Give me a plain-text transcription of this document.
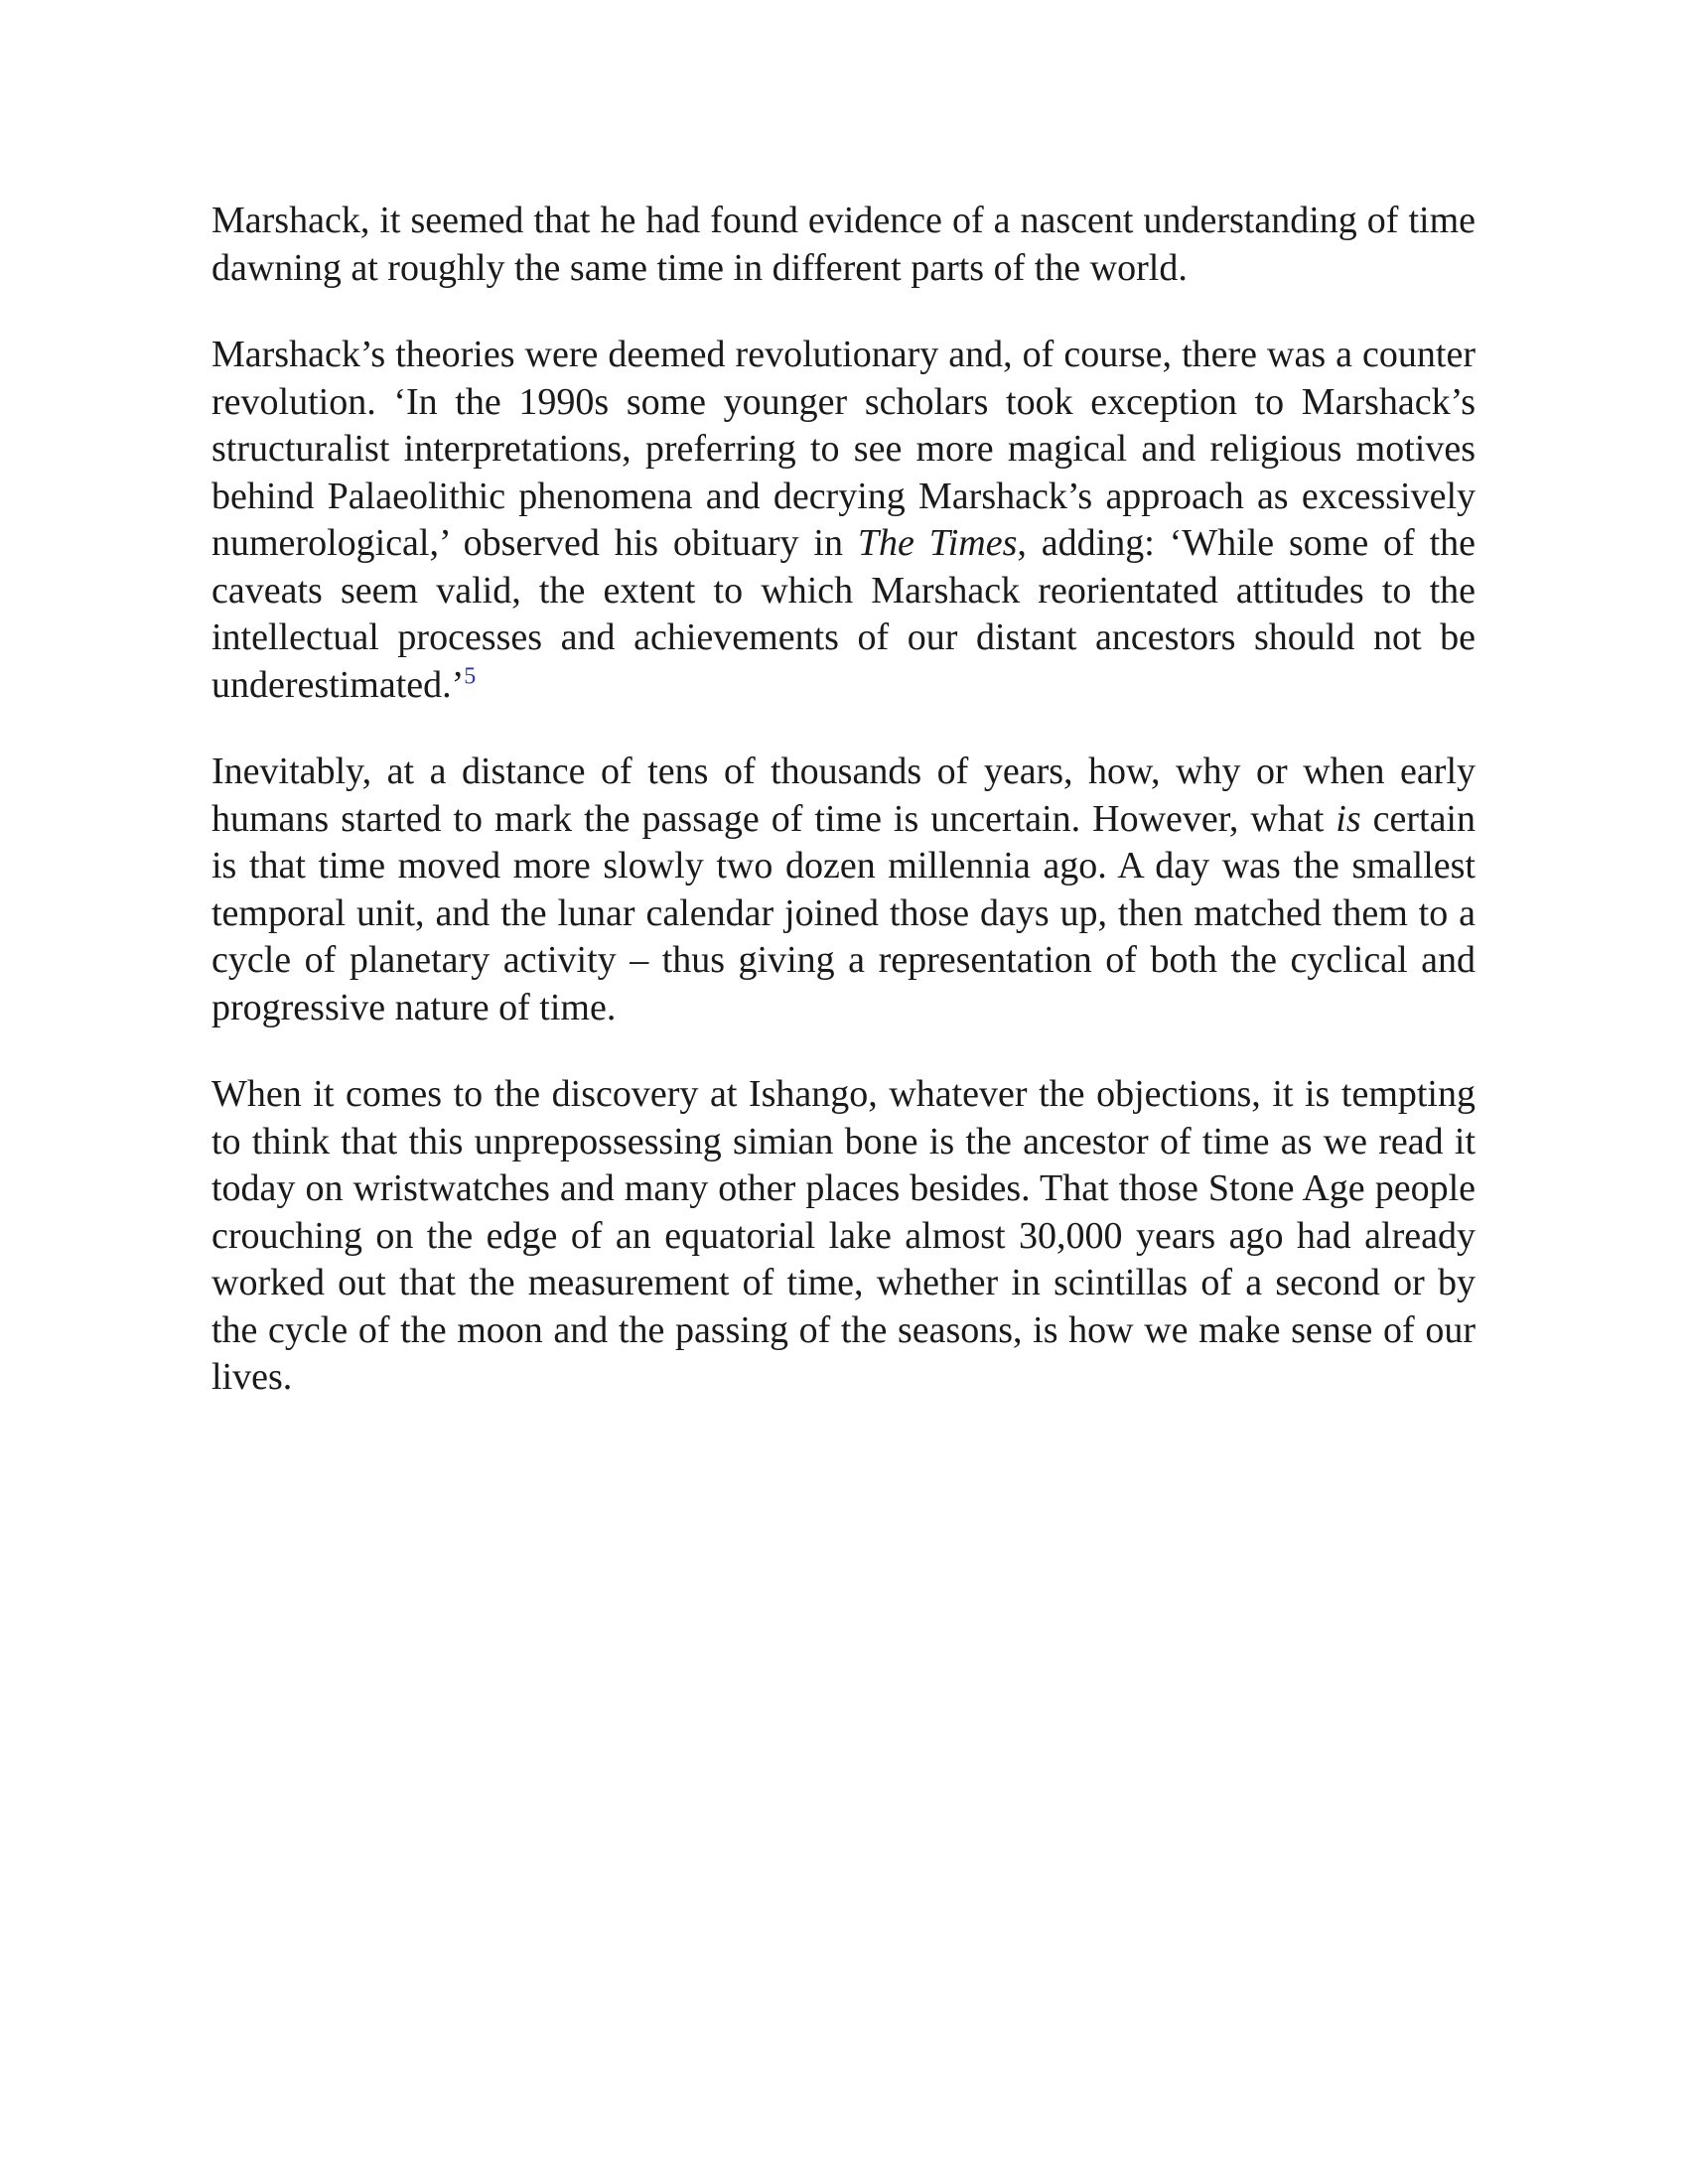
Marshack, it seemed that he had found evidence of a nascent understanding of time dawning at roughly the same time in different parts of the world.

Marshack’s theories were deemed revolutionary and, of course, there was a counter revolution. ‘In the 1990s some younger scholars took exception to Marshack’s structuralist interpretations, preferring to see more magical and religious motives behind Palaeolithic phenomena and decrying Marshack’s approach as excessively numerological,’ observed his obituary in The Times, adding: ‘While some of the caveats seem valid, the extent to which Marshack reorientated attitudes to the intellectual processes and achievements of our distant ancestors should not be underestimated.’$^5$

Inevitably, at a distance of tens of thousands of years, how, why or when early humans started to mark the passage of time is uncertain. However, what is certain is that time moved more slowly two dozen millennia ago. A day was the smallest temporal unit, and the lunar calendar joined those days up, then matched them to a cycle of planetary activity – thus giving a representation of both the cyclical and progressive nature of time.

When it comes to the discovery at Ishango, whatever the objections, it is tempting to think that this unprepossessing simian bone is the ancestor of time as we read it today on wristwatches and many other places besides. That those Stone Age people crouching on the edge of an equatorial lake almost 30,000 years ago had already worked out that the measurement of time, whether in scintillas of a second or by the cycle of the moon and the passing of the seasons, is how we make sense of our lives.
